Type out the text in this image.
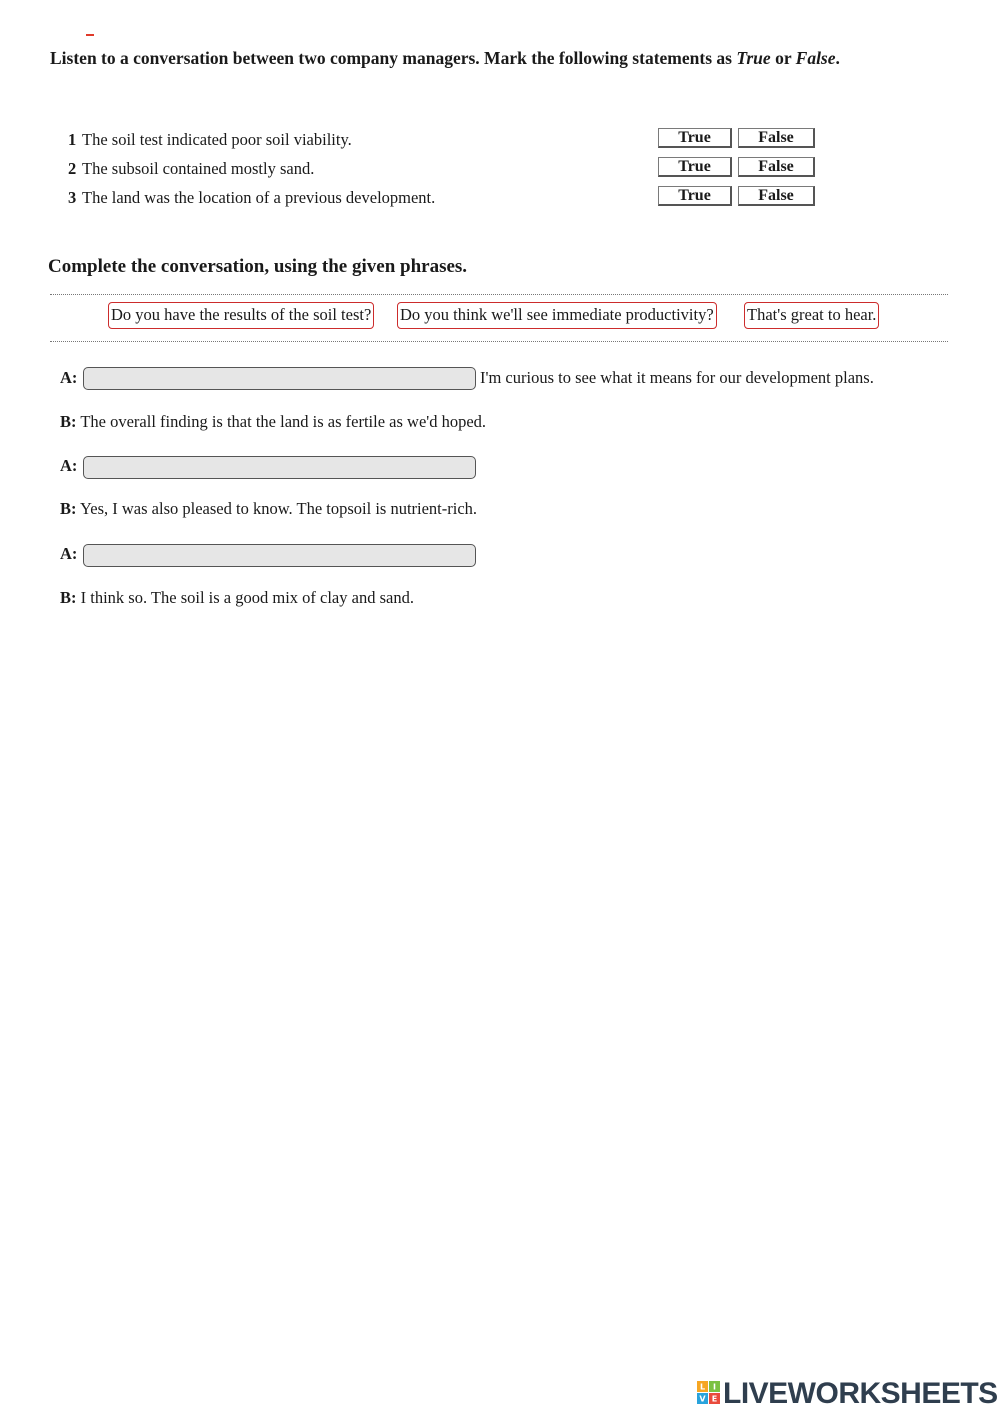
Listen to a conversation between two company managers. Mark the following statements as True or False.

1 The soil test indicated poor soil viability.	True	False
2 The subsoil contained mostly sand.	True	False
3 The land was the location of a previous development.	True	False
Complete the conversation, using the given phrases.
Do you have the results of the soil test? Do you think we'll see immediate productivity? That's great to hear.
A:	I'm curious to see what it means for our development plans.
B: The overall finding is that the land is as fertile as we'd hoped.
A:
B: Yes, I was also pleased to know. The topsoil is nutrient-rich.
A:
B: I think so. The soil is a good mix of clay and sand.
L I
V E LIVEWORKSHEETS
